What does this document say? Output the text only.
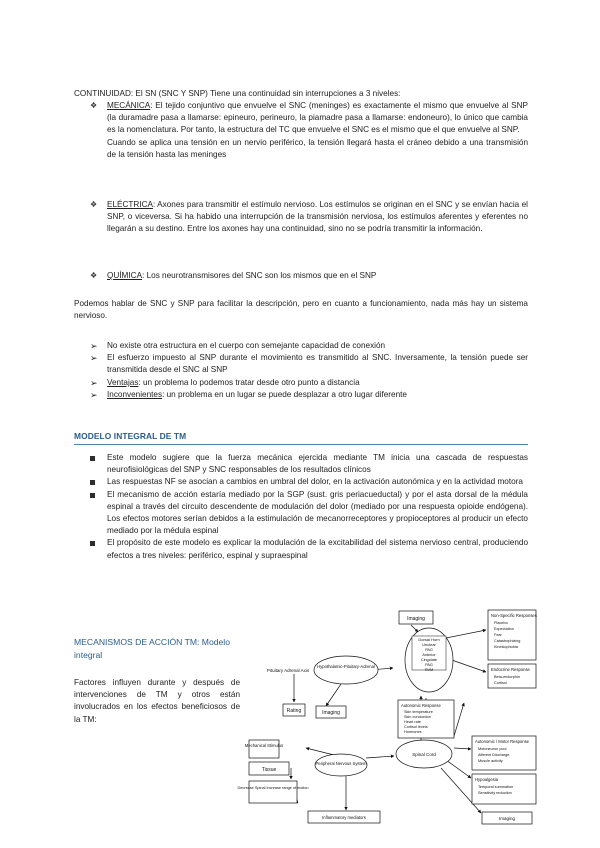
CONTINUIDAD: El SN (SNC Y SNP) Tiene una continuidad sin interrupciones a 3 niveles:
❖ MECÁNICA: El tejido conjuntivo que envuelve el SNC (meninges) es exactamente el mismo que envuelve al SNP (la duramadre pasa a llamarse: epineuro, perineuro, la piamadre pasa a llamarse: endoneuro), lo único que cambia es la nomenclatura. Por tanto, la estructura del TC que envuelve el SNC es el mismo que el que envuelve al SNP.
Cuando se aplica una tensión en un nervio periférico, la tensión llegará hasta el cráneo debido a una transmisión de la tensión hasta las meninges
❖ ELÉCTRICA: Axones para transmitir el estímulo nervioso. Los estímulos se originan en el SNC y se envían hacia el SNP, o viceversa. Si ha habido una interrupción de la transmisión nerviosa, los estímulos aferentes y eferentes no llegarán a su destino. Entre los axones hay una continuidad, sino no se podría transmitir la información.
❖ QUÍMICA: Los neurotransmisores del SNC son los mismos que en el SNP
Podemos hablar de SNC y SNP para facilitar la descripción, pero en cuanto a funcionamiento, nada más hay un sistema nervioso.
➢ No existe otra estructura en el cuerpo con semejante capacidad de conexión
➢ El esfuerzo impuesto al SNP durante el movimiento es transmitido al SNC. Inversamente, la tensión puede ser transmitida desde el SNC al SNP
➢ Ventajas: un problema lo podemos tratar desde otro punto a distancia
➢ Inconvenientes: un problema en un lugar se puede desplazar a otro lugar diferente
MODELO INTEGRAL DE TM
Este modelo sugiere que la fuerza mecánica ejercida mediante TM inicia una cascada de respuestas neurofisiológicas del SNP y SNC responsables de los resultados clínicos
Las respuestas NF se asocian a cambios en umbral del dolor, en la activación autonómica y en la actividad motora
El mecanismo de acción estaría mediado por la SGP (sust. gris periacueductal) y por el asta dorsal de la médula espinal a través del circuito descendente de modulación del dolor (mediado por una respuesta opioide endógena). Los efectos motores serían debidos a la estimulación de mecanorreceptores y propioceptores al producir un efecto mediado por la médula espinal
El propósito de este modelo es explicar la modulación de la excitabilidad del sistema nervioso central, produciendo efectos a tres niveles: periférico, espinal y supraespinal
MECANISMOS DE ACCIÓN TM: Modelo integral
Factores influyen durante y después de intervenciones de TM y otros están involucrados en los efectos beneficiosos de la TM:
Imaging
Hypothalamic-Pituitary-Adrenal
Dorsal Horn
Unclear
PAG
Anterior
Cingulate
PAG
RVM
Pituitary Adrenal Axis
Rating	Imaging
Non-Specific Responses
Placebo
Expectation
Fear
Catastrophizing
Kinesiophobia
Endocrine Response
Beta-endorphin
Cortisol
Autonomic Response
Skin temperature
Skin conduction
Heart rate
Cortisol levels
Hormones
Mechanical Stimulus
Tissue
Peripheral Nervous System
Spinal Cord
Decrease Spinal Increase range of motion
Inflammatory mediators
Autonomic / Motor Response
Motoneuron pool
Afferent Discharge
Muscle activity
Hypoalgesia
Temporal summation
Sensitivity reduction
Imaging
